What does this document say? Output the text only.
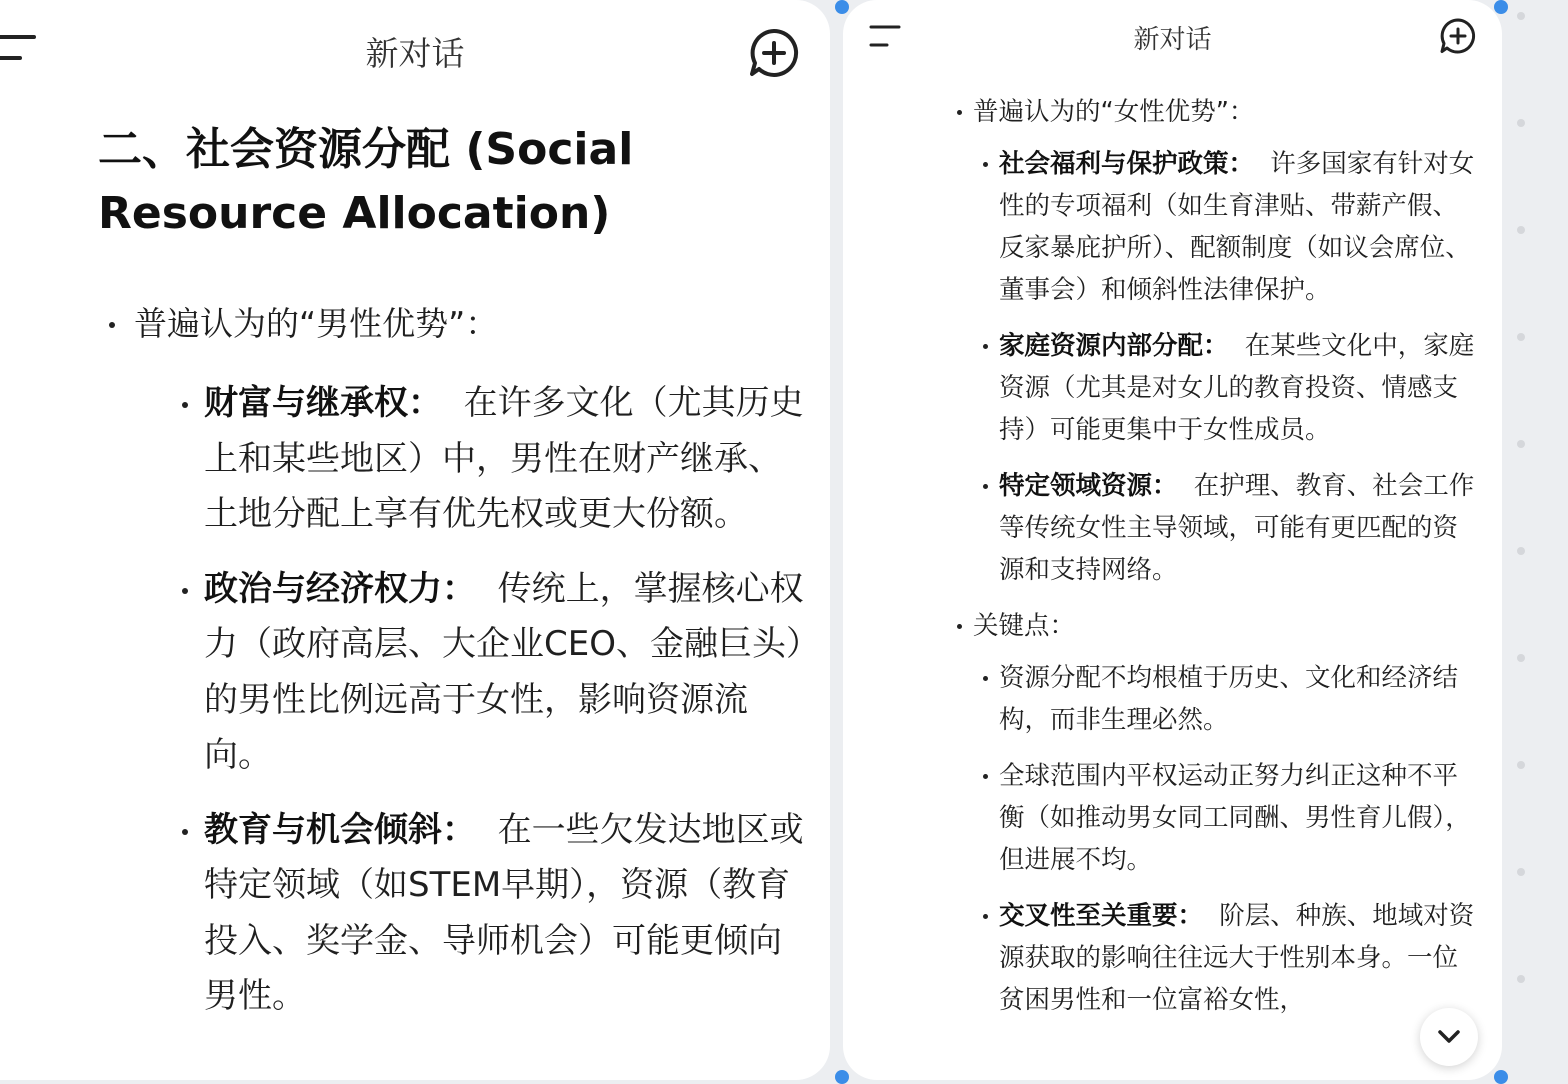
新对话
二、社会资源分配 (Social Resource Allocation)
普遍认为的“男性优势”：
财富与继承权： 在许多文化（尤其历史上和某些地区）中，男性在财产继承、土地分配上享有优先权或更大份额。
政治与经济权力： 传统上，掌握核心权力（政府高层、大企业CEO、金融巨头）的男性比例远高于女性，影响资源流向。
教育与机会倾斜： 在一些欠发达地区或特定领域（如STEM早期），资源（教育投入、奖学金、导师机会）可能更倾向男性。
新对话
普遍认为的“女性优势”：
社会福利与保护政策： 许多国家有针对女性的专项福利（如生育津贴、带薪产假、反家暴庇护所）、配额制度（如议会席位、董事会）和倾斜性法律保护。
家庭资源内部分配： 在某些文化中，家庭资源（尤其是对女儿的教育投资、情感支持）可能更集中于女性成员。
特定领域资源： 在护理、教育、社会工作等传统女性主导领域，可能有更匹配的资源和支持网络。
关键点：
资源分配不均根植于历史、文化和经济结构，而非生理必然。
全球范围内平权运动正努力纠正这种不平衡（如推动男女同工同酬、男性育儿假），但进展不均。
交叉性至关重要： 阶层、种族、地域对资源获取的影响往往远大于性别本身。一位贫困男性和一位富裕女性，
